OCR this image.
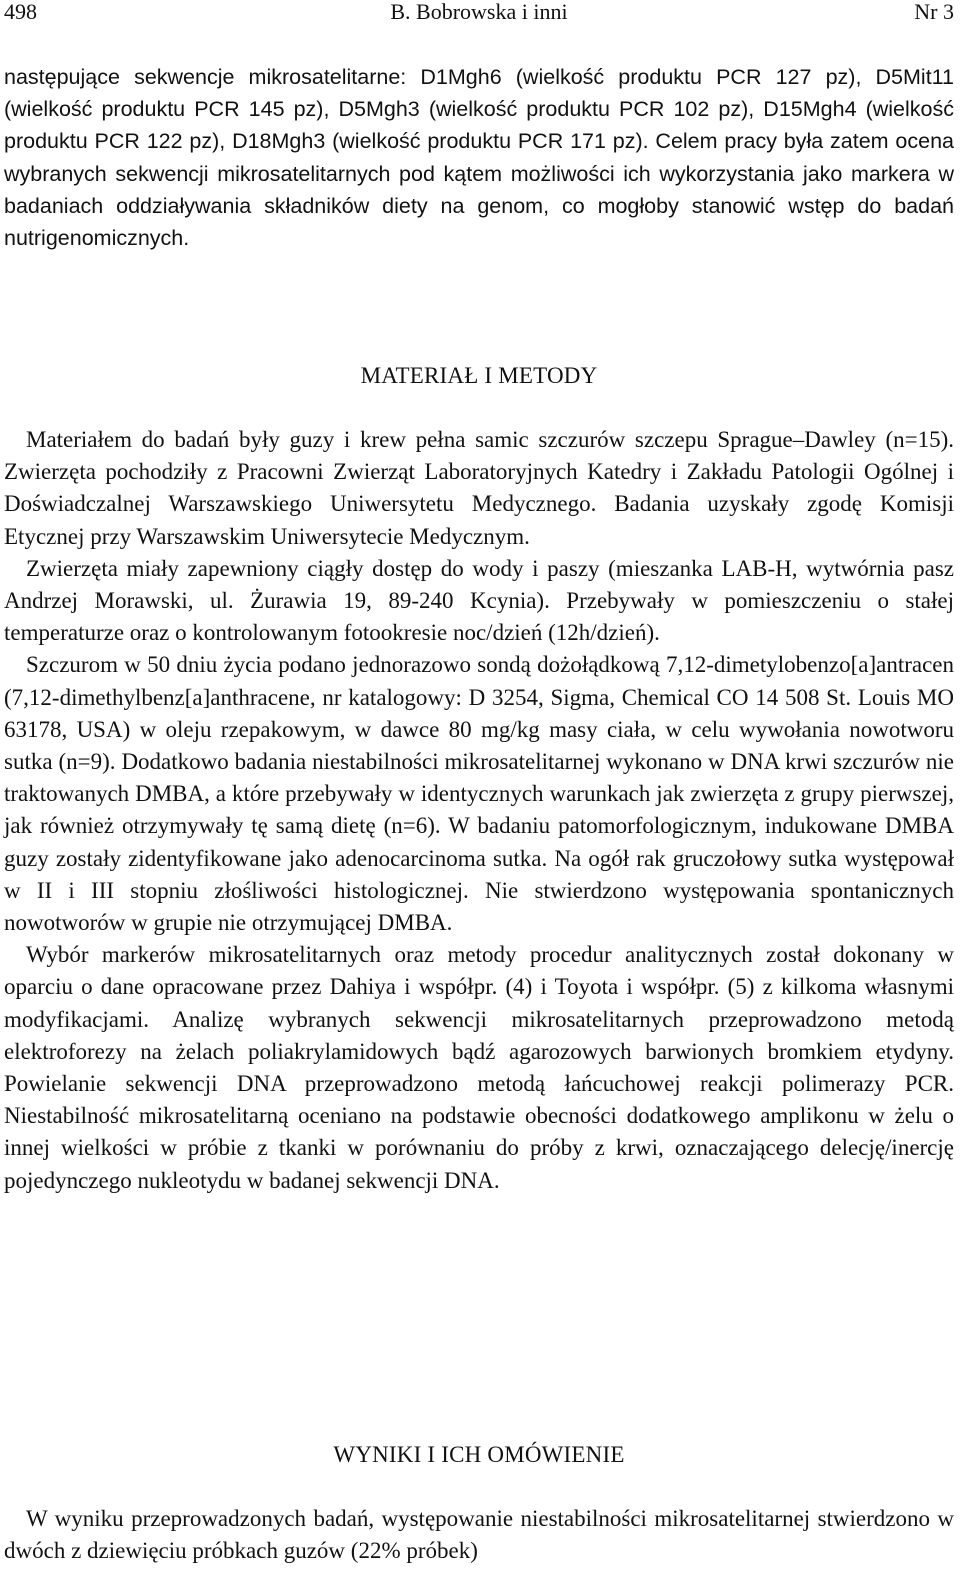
498	B. Bobrowska i inni	Nr 3

następujące sekwencje mikrosatelitarne: D1Mgh6 (wielkość produktu PCR 127 pz), D5Mit11 (wielkość produktu PCR 145 pz), D5Mgh3 (wielkość produktu PCR 102 pz), D15Mgh4 (wielkość produktu PCR 122 pz), D18Mgh3 (wielkość produktu PCR 171 pz). Celem pracy była zatem ocena wybranych sekwencji mikrosatelitarnych pod kątem możliwości ich wykorzystania jako markera w badaniach oddziaływania składników diety na genom, co mogłoby stanowić wstęp do badań nutrigenomicznych.

MATERIAŁ I METODY

Materiałem do badań były guzy i krew pełna samic szczurów szczepu Sprague–Dawley (n=15). Zwierzęta pochodziły z Pracowni Zwierząt Laboratoryjnych Katedry i Zakładu Patologii Ogólnej i Doświadczalnej Warszawskiego Uniwersytetu Medycznego. Badania uzyskały zgodę Komisji Etycznej przy Warszawskim Uniwersytecie Medycznym.

Zwierzęta miały zapewniony ciągły dostęp do wody i paszy (mieszanka LAB-H, wytwórnia pasz Andrzej Morawski, ul. Żurawia 19, 89-240 Kcynia). Przebywały w pomieszczeniu o stałej temperaturze oraz o kontrolowanym fotookresie noc/dzień (12h/dzień).

Szczurom w 50 dniu życia podano jednorazowo sondą dożołądkową 7,12-dimetylobenzo[a]antracen (7,12-dimethylbenz[a]anthracene, nr katalogowy: D 3254, Sigma, Chemical CO 14 508 St. Louis MO 63178, USA) w oleju rzepakowym, w dawce 80 mg/kg masy ciała, w celu wywołania nowotworu sutka (n=9). Dodatkowo badania niestabilności mikrosatelitarnej wykonano w DNA krwi szczurów nie traktowanych DMBA, a które przebywały w identycznych warunkach jak zwierzęta z grupy pierwszej, jak również otrzymywały tę samą dietę (n=6). W badaniu patomorfologicznym, indukowane DMBA guzy zostały zidentyfikowane jako adenocarcinoma sutka. Na ogół rak gruczołowy sutka występował w II i III stopniu złośliwości histologicznej. Nie stwierdzono występowania spontanicznych nowotworów w grupie nie otrzymującej DMBA.

Wybór markerów mikrosatelitarnych oraz metody procedur analitycznych został dokonany w oparciu o dane opracowane przez Dahiya i współpr. (4) i Toyota i współpr. (5) z kilkoma własnymi modyfikacjami. Analizę wybranych sekwencji mikrosatelitarnych przeprowadzono metodą elektroforezy na żelach poliakrylamidowych bądź agarozowych barwionych bromkiem etydyny. Powielanie sekwencji DNA przeprowadzono metodą łańcuchowej reakcji polimerazy PCR. Niestabilność mikrosatelitarną oceniano na podstawie obecności dodatkowego amplikonu w żelu o innej wielkości w próbie z tkanki w porównaniu do próby z krwi, oznaczającego delecję/inercję pojedynczego nukleotydu w badanej sekwencji DNA.

WYNIKI I ICH OMÓWIENIE

W wyniku przeprowadzonych badań, występowanie niestabilności mikrosatelitarnej stwierdzono w dwóch z dziewięciu próbkach guzów (22% próbek)
